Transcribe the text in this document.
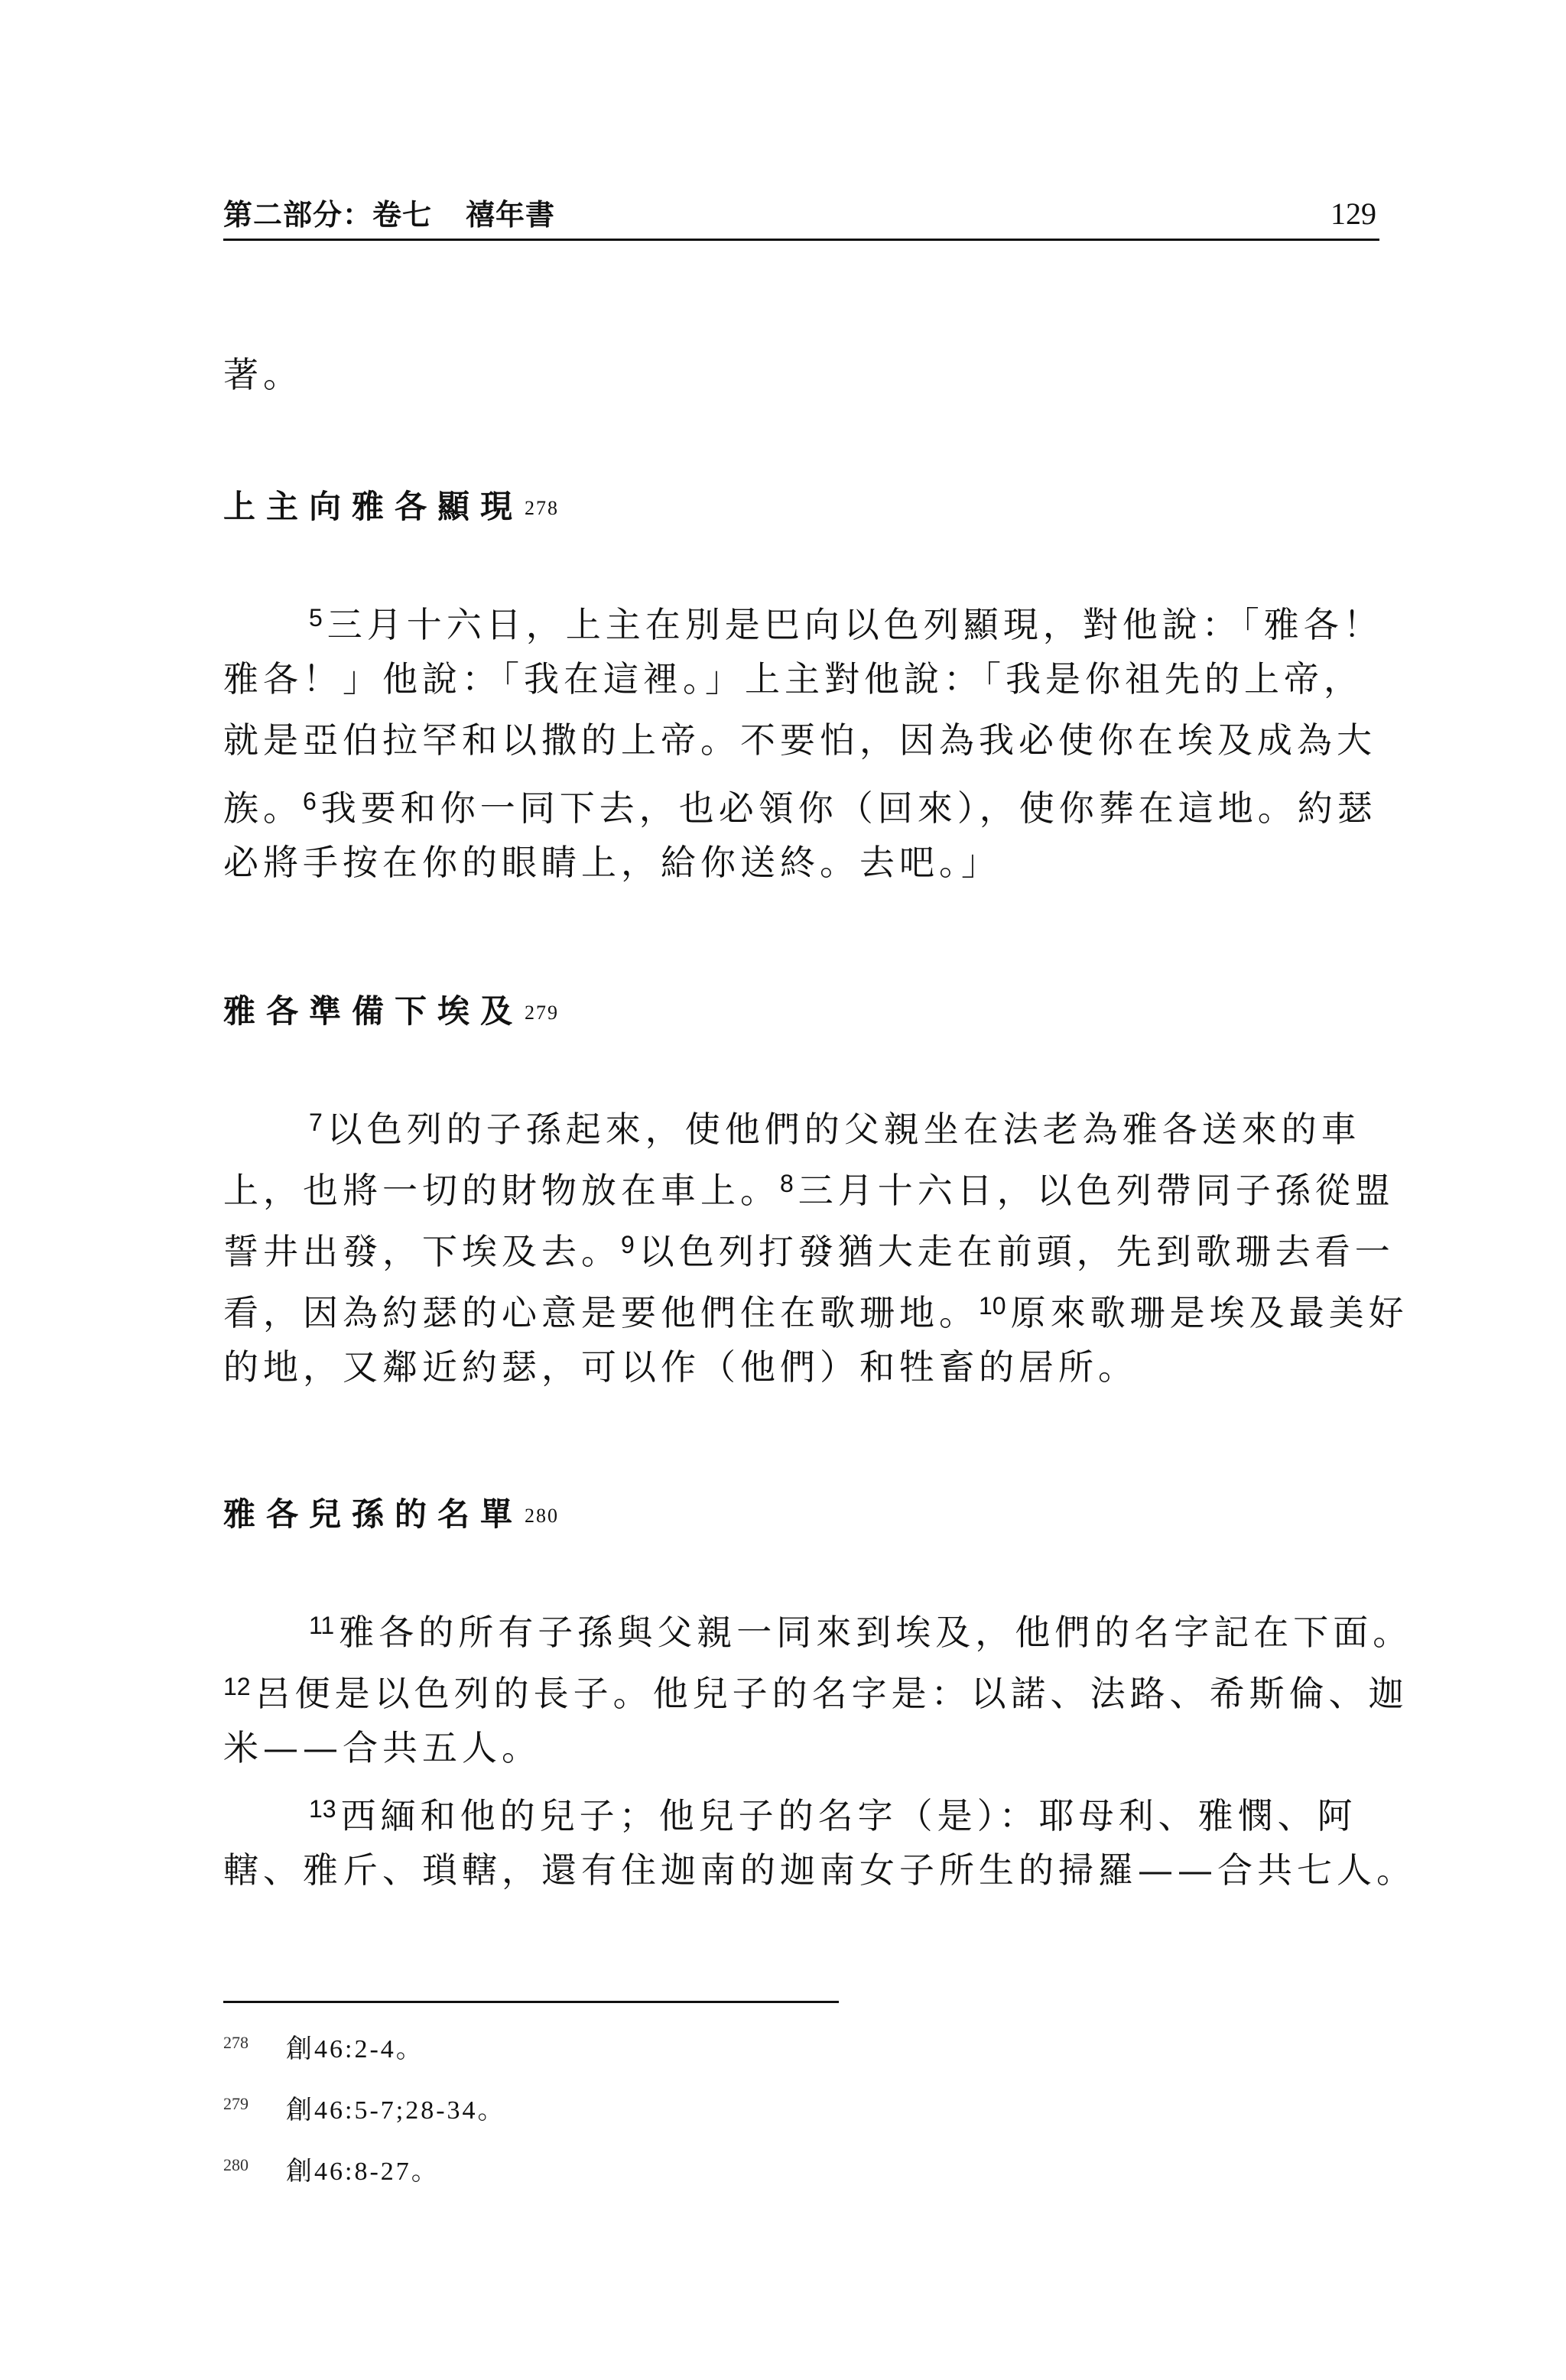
第二部分：卷七 禧年書	129
著。
上主向雅各顯現278
$^5$ 三月十六日，上主在別是巴向以色列顯現，對他說：「雅各！
雅各！」他說：「我在這裡。」上主對他說：「我是你祖先的上帝，
就是亞伯拉罕和以撒的上帝。不要怕，因為我必使你在埃及成為大
族。$^6$ 我要和你一同下去，也必領你（回來），使你葬在這地。約瑟
必將手按在你的眼睛上，給你送終。去吧。」
雅各準備下埃及279
$^7$ 以色列的子孫起來，使他們的父親坐在法老為雅各送來的車
上，也將一切的財物放在車上。$^8$ 三月十六日，以色列帶同子孫從盟
誓井出發，下埃及去。$^9$ 以色列打發猶大走在前頭，先到歌珊去看一
看，因為約瑟的心意是要他們住在歌珊地。$^{10}$ 原來歌珊是埃及最美好
的地，又鄰近約瑟，可以作（他們）和牲畜的居所。
雅各兒孫的名單280
$^{11}$ 雅各的所有子孫與父親一同來到埃及，他們的名字記在下面。
$^{12}$ 呂便是以色列的長子。他兒子的名字是：以諾、法路、希斯倫、迦
米——合共五人。
$^{13}$ 西緬和他的兒子；他兒子的名字（是）：耶母利、雅憫、阿
轄、雅斤、瑣轄，還有住迦南的迦南女子所生的掃羅——合共七人。
278 創46:2-4。
279 創46:5-7;28-34。
280 創46:8-27。
